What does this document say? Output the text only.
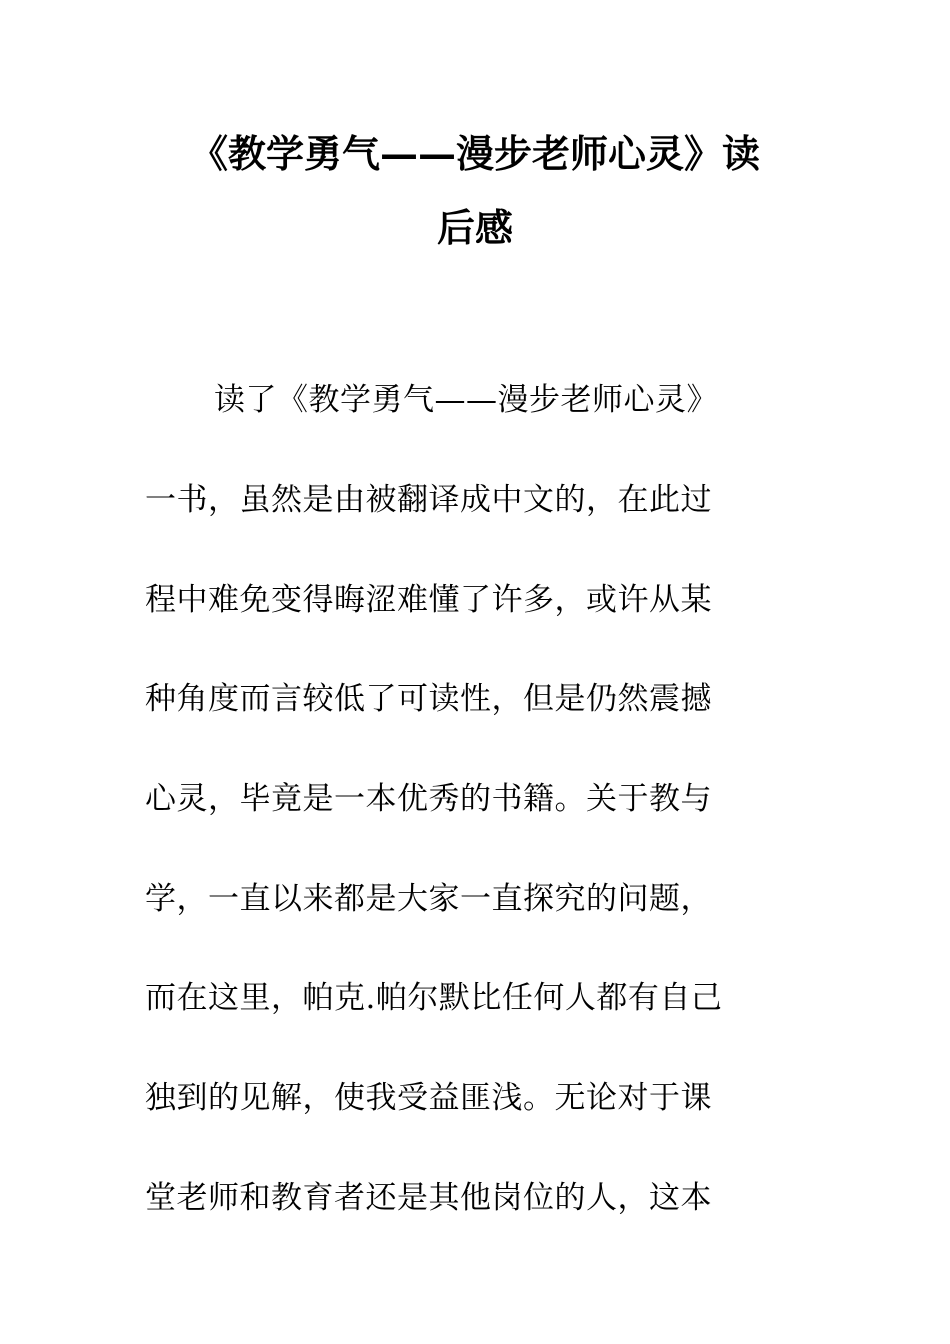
《教学勇气——漫步老师心灵》读
后感
读了《教学勇气——漫步老师心灵》
一书，虽然是由被翻译成中文的，在此过
程中难免变得晦涩难懂了许多，或许从某
种角度而言较低了可读性，但是仍然震撼
心灵，毕竟是一本优秀的书籍。关于教与
学，一直以来都是大家一直探究的问题，
而在这里，帕克.帕尔默比任何人都有自己
独到的见解，使我受益匪浅。无论对于课
堂老师和教育者还是其他岗位的人，这本
